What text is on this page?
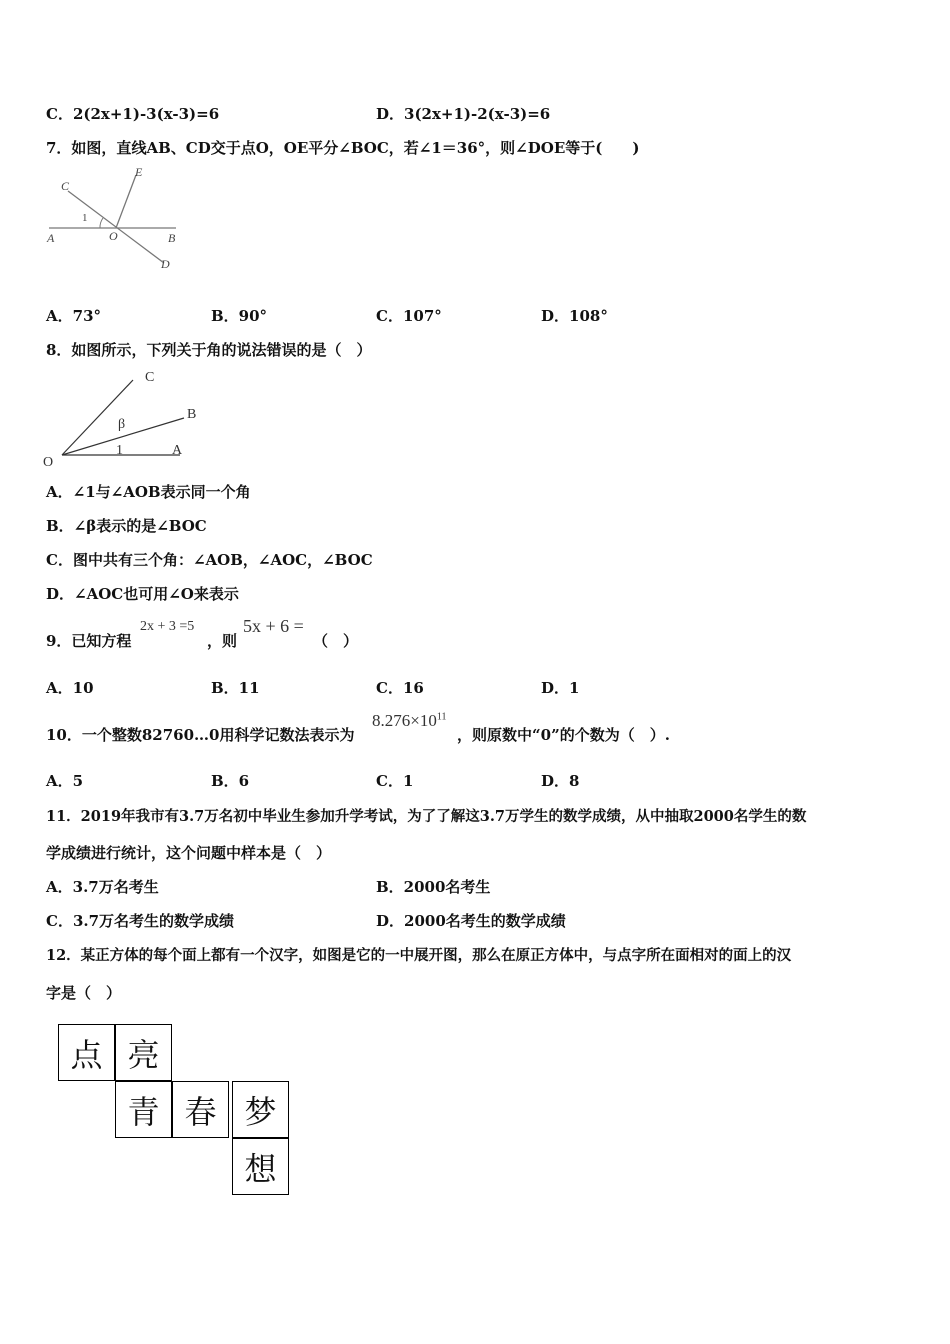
C．2(2x+1)-3(x-3)=6	D．3(2x+1)-2(x-3)=6
7．如图，直线AB、CD交于点O，OE平分∠BOC，若∠1＝36°，则∠DOE等于(　　)
C
E
1
A	O	B
D
A．73°	B．90°	C．107°	D．108°
8．如图所示，下列关于角的说法错误的是（　）
C
B
β
1
O
A
A．∠1与∠AOB表示同一个角
B．∠β表示的是∠BOC
C．图中共有三个角：∠AOB，∠AOC，∠BOC
D．∠AOC也可用∠O来表示
9．已知方程
2x + 3 =5
，则
5x + 6 =
（　）
A．10	B．11	C．16	D．1
10．一个整数82760…0用科学记数法表示为
$8.276\times 10^{11}$
，则原数中“0”的个数为（　）.
A．5	B．6	C．1	D．8
11．2019年我市有3.7万名初中毕业生参加升学考试，为了了解这3.7万学生的数学成绩，从中抽取2000名学生的数
学成绩进行统计，这个问题中样本是（　）
A．3.7万名考生	B．2000名考生
C．3.7万名考生的数学成绩	D．2000名考生的数学成绩
12．某正方体的每个面上都有一个汉字，如图是它的一中展开图，那么在原正方体中，与点字所在面相对的面上的汉
字是（　）
点 亮
青 春 梦
想
